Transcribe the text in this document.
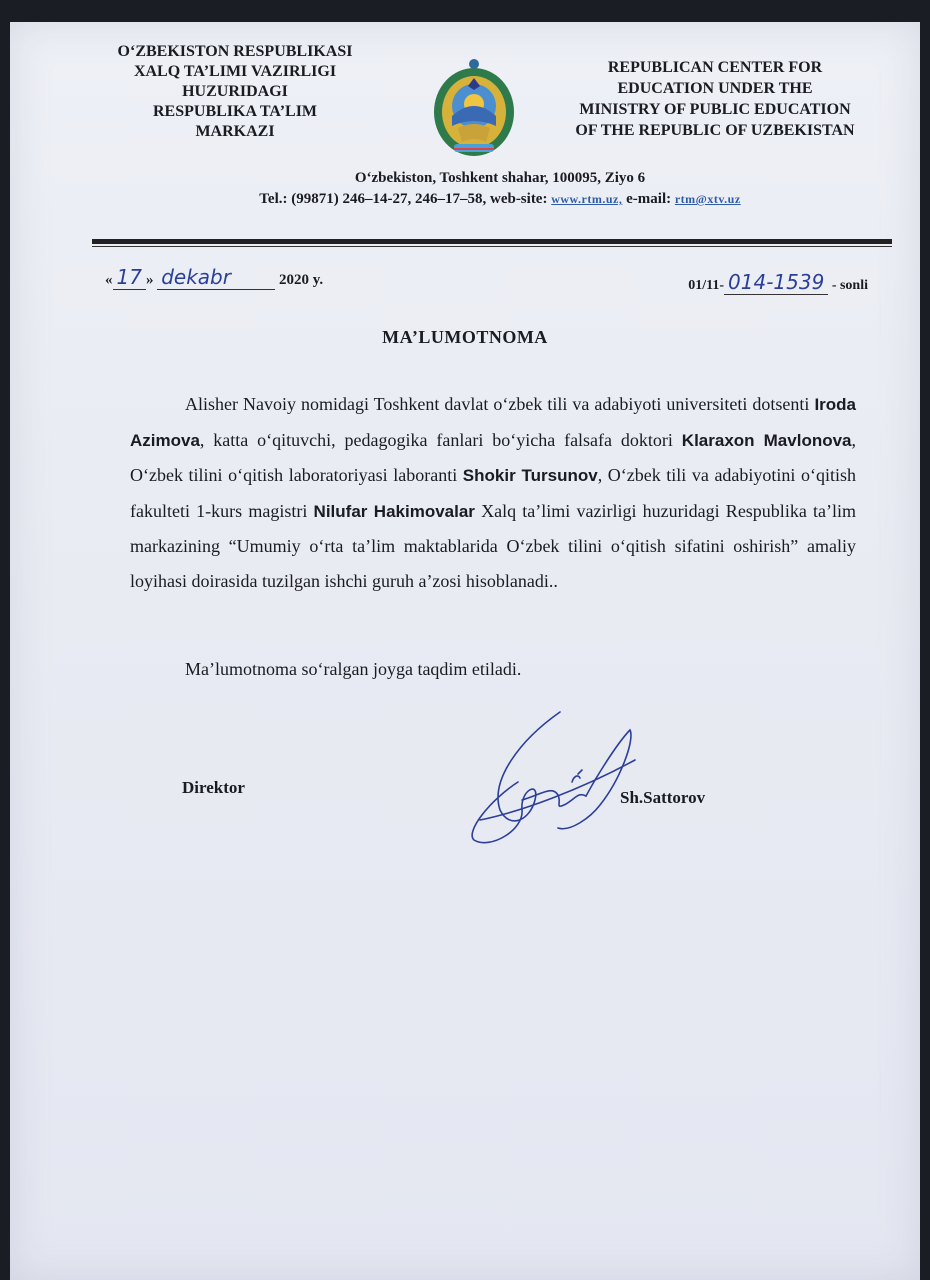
O‘ZBEKISTON RESPUBLIKASI
XALQ TA’LIMI VAZIRLIGI
HUZURIDAGI
RESPUBLIKA TA’LIM
MARKAZI
REPUBLICAN CENTER FOR
EDUCATION UNDER THE
MINISTRY OF PUBLIC EDUCATION
OF THE REPUBLIC OF UZBEKISTAN
O‘zbekiston, Toshkent shahar, 100095, Ziyo 6
Tel.: (99871) 246–14-27, 246–17–58, web-site: www.rtm.uz, e-mail: rtm@xtv.uz
« 17 » dekabr	2020 y.	01/11- 014-1539 - sonli
MA’LUMOTNOMA

Alisher Navoiy nomidagi Toshkent davlat o‘zbek tili va adabiyoti universiteti dotsenti Iroda Azimova, katta o‘qituvchi, pedagogika fanlari bo‘yicha falsafa doktori Klaraxon Mavlonova, O‘zbek tilini o‘qitish laboratoriyasi laboranti Shokir Tursunov, O‘zbek tili va adabiyotini o‘qitish fakulteti 1-kurs magistri Nilufar Hakimovalar Xalq ta’limi vazirligi huzuridagi Respublika ta’lim markazining “Umumiy o‘rta ta’lim maktablarida O‘zbek tilini o‘qitish sifatini oshirish” amaliy loyihasi doirasida tuzilgan ishchi guruh a’zosi hisoblanadi..

Ma’lumotnoma so‘ralgan joyga taqdim etiladi.
Direktor
Sh.Sattorov
